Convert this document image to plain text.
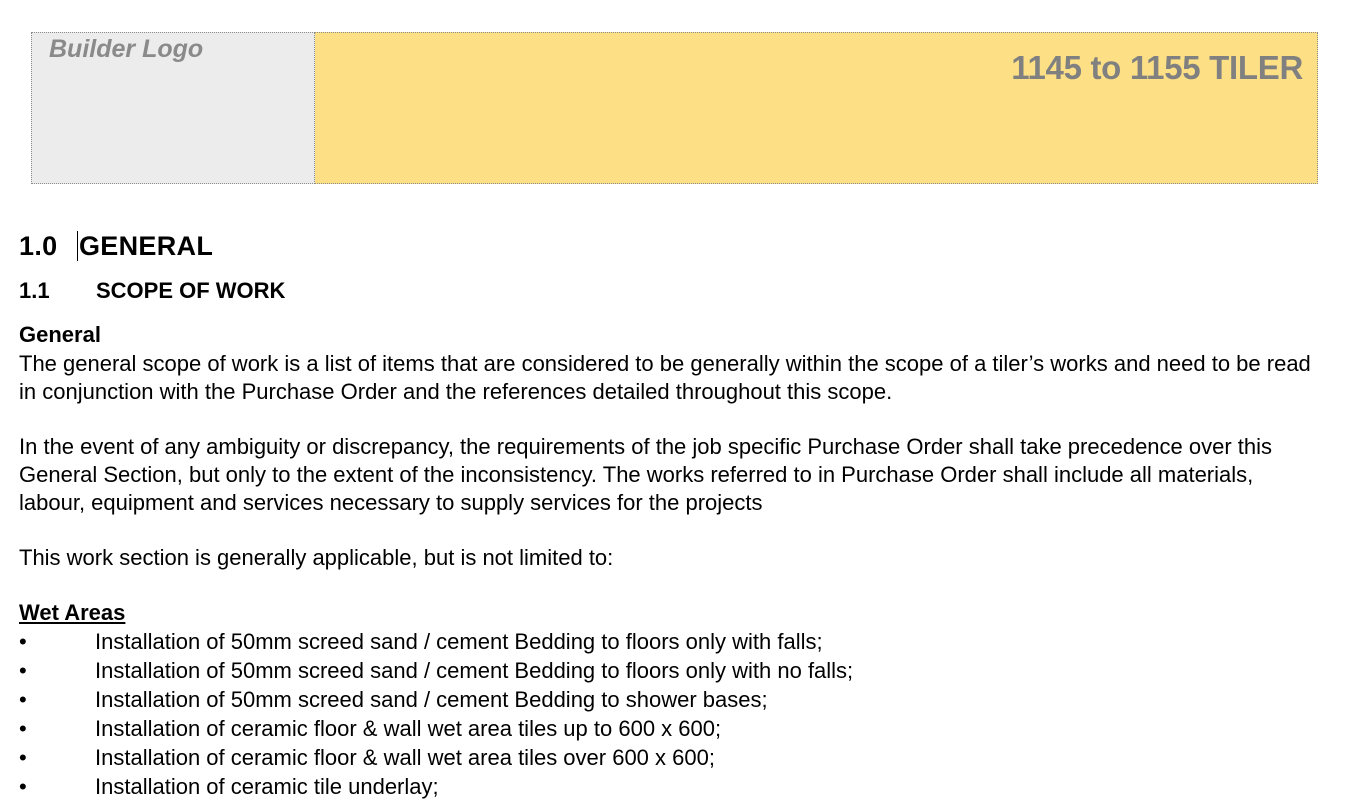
Builder Logo	1145 to 1155 TILER
1.0 GENERAL
1.1	SCOPE OF WORK
General

The general scope of work is a list of items that are considered to be generally within the scope of a tiler’s works and need to be read in conjunction with the Purchase Order and the references detailed throughout this scope.

In the event of any ambiguity or discrepancy, the requirements of the job specific Purchase Order shall take precedence over this General Section, but only to the extent of the inconsistency. The works referred to in Purchase Order shall include all materials, labour, equipment and services necessary to supply services for the projects

This work section is generally applicable, but is not limited to:

Wet Areas
•	Installation of 50mm screed sand / cement Bedding to floors only with falls;
•	Installation of 50mm screed sand / cement Bedding to floors only with no falls;
•	Installation of 50mm screed sand / cement Bedding to shower bases;
•	Installation of ceramic floor & wall wet area tiles up to 600 x 600;
•	Installation of ceramic floor & wall wet area tiles over 600 x 600;
•	Installation of ceramic tile underlay;
